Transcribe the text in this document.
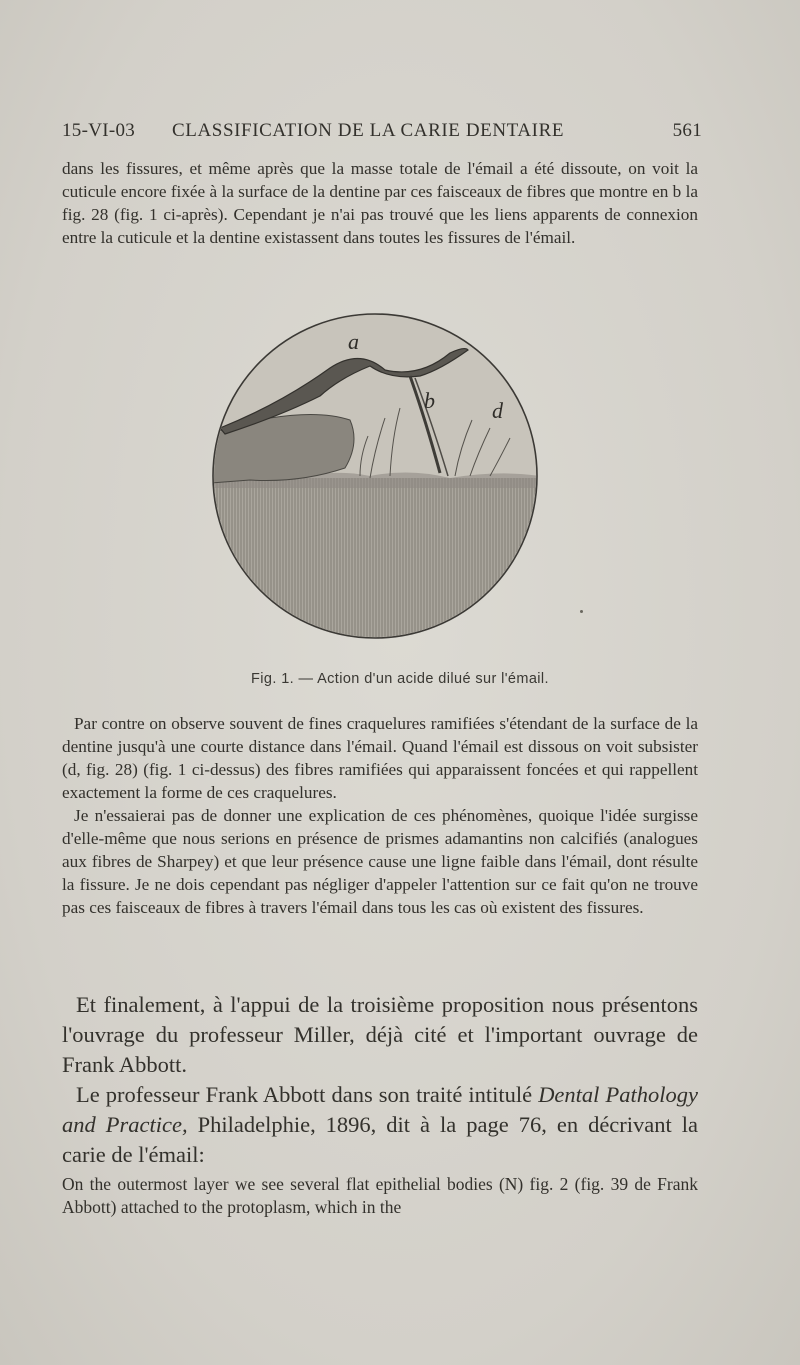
15-VI-03 CLASSIFICATION DE LA CARIE DENTAIRE	561

dans les fissures, et même après que la masse totale de l'émail a été dissoute, on voit la cuticule encore fixée à la surface de la dentine par ces faisceaux de fibres que montre en b la fig. 28 (fig. 1 ci-après). Cependant je n'ai pas trouvé que les liens apparents de connexion entre la cuticule et la dentine existassent dans toutes les fissures de l'émail.

a
b	d
Fig. 1. — Action d'un acide dilué sur l'émail.

Par contre on observe souvent de fines craquelures ramifiées s'étendant de la surface de la dentine jusqu'à une courte distance dans l'émail. Quand l'émail est dissous on voit subsister (d, fig. 28) (fig. 1 ci-dessus) des fibres ramifiées qui apparaissent foncées et qui rappellent exactement la forme de ces craquelures.

Je n'essaierai pas de donner une explication de ces phénomènes, quoique l'idée surgisse d'elle-même que nous serions en présence de prismes adamantins non calcifiés (analogues aux fibres de Sharpey) et que leur présence cause une ligne faible dans l'émail, dont résulte la fissure. Je ne dois cependant pas négliger d'appeler l'attention sur ce fait qu'on ne trouve pas ces faisceaux de fibres à travers l'émail dans tous les cas où existent des fissures.

Et finalement, à l'appui de la troisième proposition nous présentons l'ouvrage du professeur Miller, déjà cité et l'important ouvrage de Frank Abbott.

Le professeur Frank Abbott dans son traité intitulé Dental Pathology and Practice, Philadelphie, 1896, dit à la page 76, en décrivant la carie de l'émail:

On the outermost layer we see several flat epithelial bodies (N) fig. 2 (fig. 39 de Frank Abbott) attached to the protoplasm, which in the
